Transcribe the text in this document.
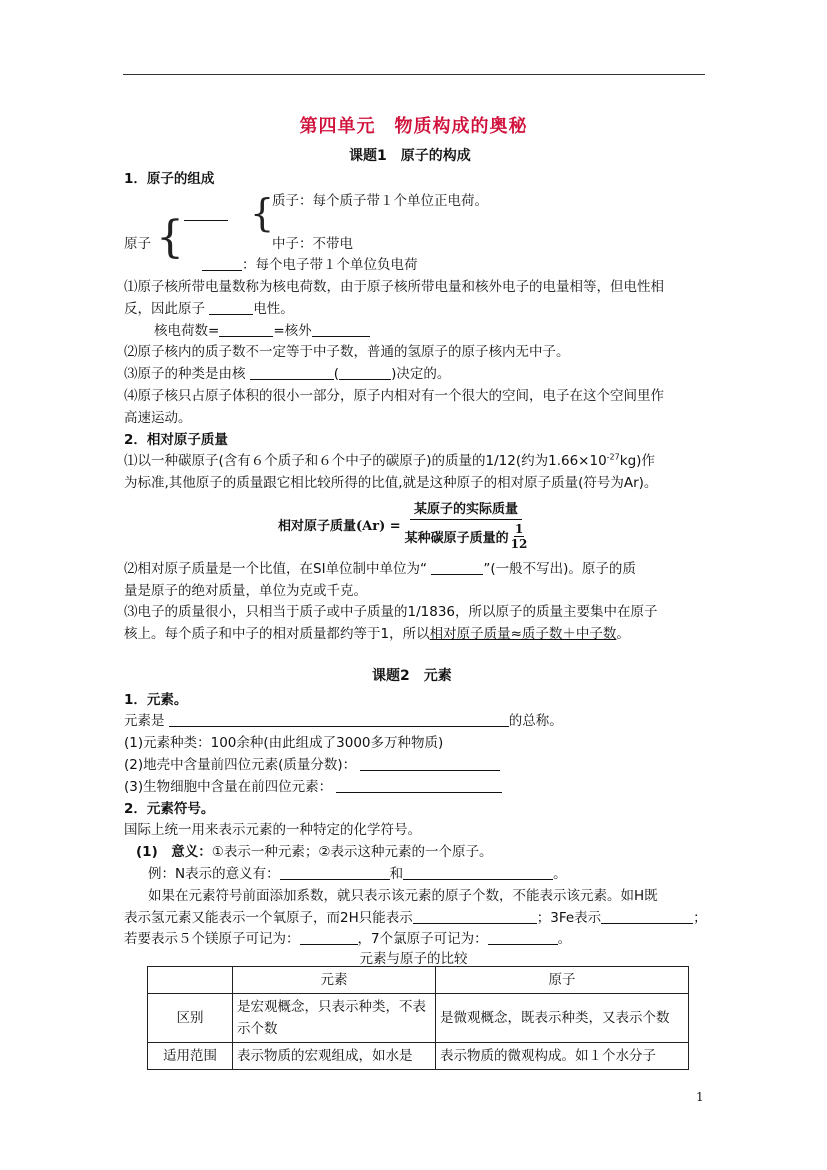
第四单元　物质构成的奥秘
课题1　原子的构成
1．原子的组成
质子：每个质子带１个单位正电荷。
{
原子 {	中子：不带电
：每个电子带１个单位负电荷
⑴原子核所带电量数称为核电荷数，由于原子核所带电量和核外电子的电量相等，但电性相
反，因此原子	电性。
核电荷数=	=核外
⑵原子核内的质子数不一定等于中子数，普通的氢原子的原子核内无中子。
⑶原子的种类是由核	(	)决定的。
⑷原子核只占原子体积的很小一部分，原子内相对有一个很大的空间，电子在这个空间里作
高速运动。
2．相对原子质量
⑴以一种碳原子(含有６个质子和６个中子的碳原子)的质量的1/12(约为$1.66\times 10^{-27}kg$)作
为标准,其他原子的质量跟它相比较所得的比值,就是这种原子的相对原子质量(符号为Ar)。
相对原子质量(Ar) = 某原子的实际质量
某种碳原子质量的
1
12
⑵相对原子质量是一个比值，在SI单位制中单位为“	”(一般不写出)。原子的质
量是原子的绝对质量，单位为克或千克。
⑶电子的质量很小，只相当于质子或中子质量的1/1836，所以原子的质量主要集中在原子
核上。每个质子和中子的相对质量都约等于1，所以相对原子质量≈质子数＋中子数。
课题2　元素
1．元素。
元素是	的总称。
(1)元素种类：100余种(由此组成了3000多万种物质)
(2)地壳中含量前四位元素(质量分数)：
(3)生物细胞中含量在前四位元素：
2．元素符号。
国际上统一用来表示元素的一种特定的化学符号。
(1)　意义：①表示一种元素；②表示这种元素的一个原子。
例：N表示的意义有：	和	。
如果在元素符号前面添加系数，就只表示该元素的原子个数，不能表示该元素。如H既
表示氢元素又能表示一个氧原子，而2H只能表示	；3Fe表示	；
若要表示５个镁原子可记为：	，7个氯原子可记为：	。
元素与原子的比较
	元素	原子
区别	是宏观概念，只表示种类，不表示个数	是微观概念，既表示种类，又表示个数
适用范围	表示物质的宏观组成，如水是	表示物质的微观构成。如１个水分子
1
